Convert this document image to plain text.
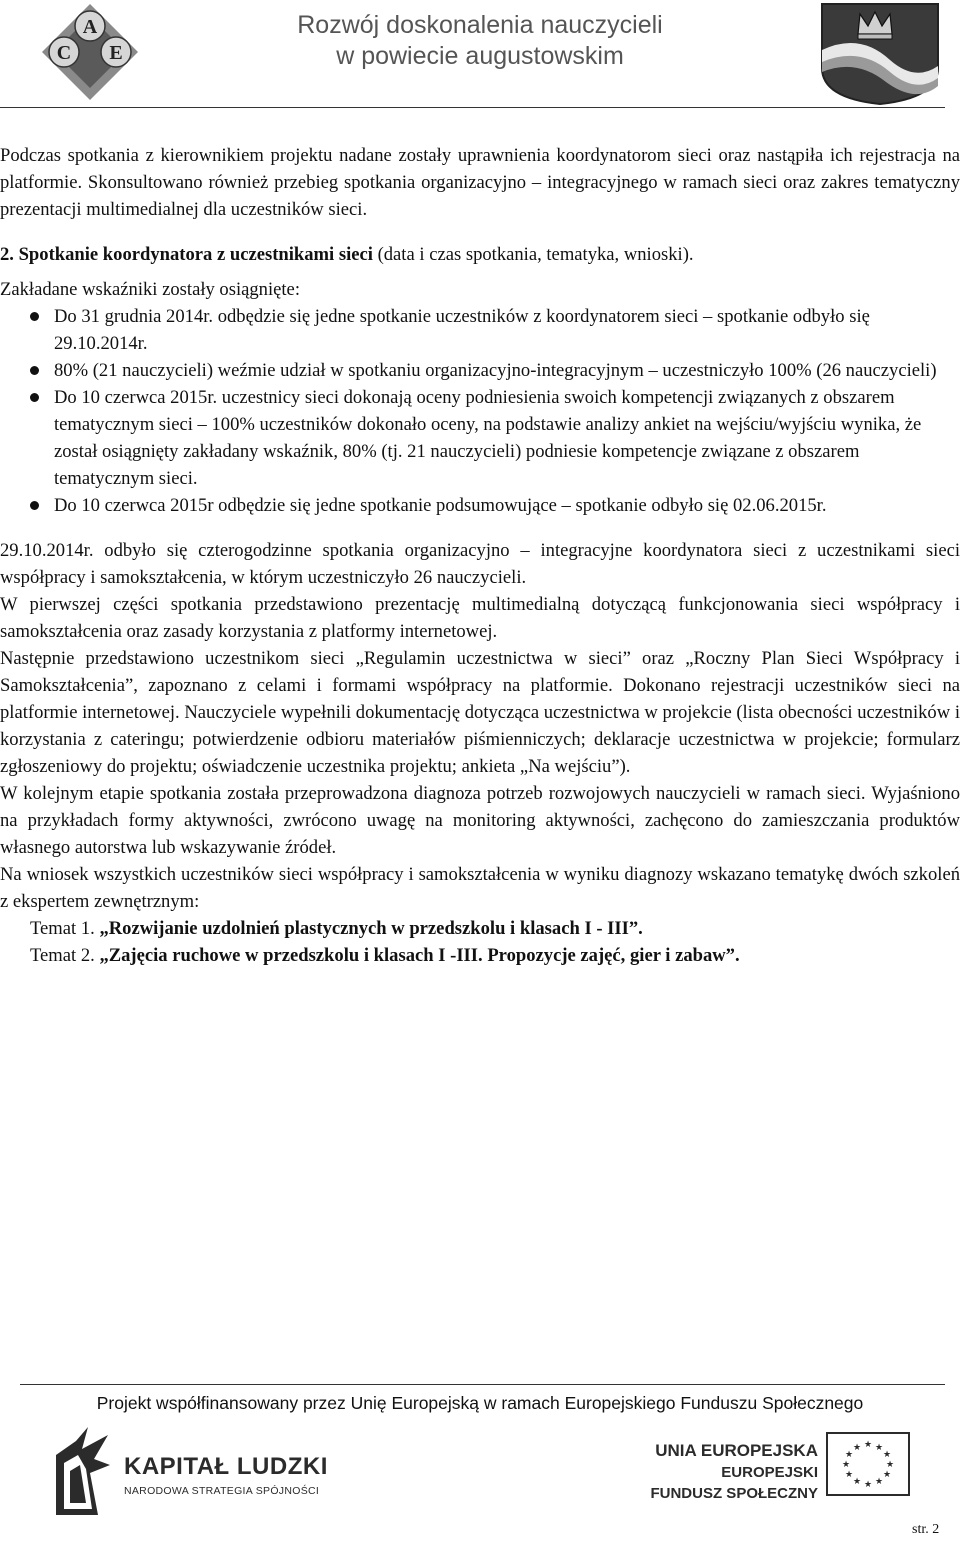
A
C E
Rozwój doskonalenia nauczycieli
w powiecie augustowskim

Podczas spotkania z kierownikiem projektu nadane zostały uprawnienia koordynatorom sieci oraz nastąpiła ich rejestracja na platformie. Skonsultowano również przebieg spotkania organizacyjno – integracyjnego w ramach sieci oraz zakres tematyczny prezentacji multimedialnej dla uczestników sieci.

2. Spotkanie koordynatora z uczestnikami sieci (data i czas spotkania, tematyka, wnioski).

Zakładane wskaźniki zostały osiągnięte:

Do 31 grudnia 2014r. odbędzie się jedne spotkanie uczestników z koordynatorem sieci – spotkanie odbyło się 29.10.2014r.
80% (21 nauczycieli) weźmie udział w spotkaniu organizacyjno-integracyjnym – uczestniczyło 100% (26 nauczycieli)
Do 10 czerwca 2015r. uczestnicy sieci dokonają oceny podniesienia swoich kompetencji związanych z obszarem tematycznym sieci – 100% uczestników dokonało oceny, na podstawie analizy ankiet na wejściu/wyjściu wynika, że został osiągnięty zakładany wskaźnik, 80% (tj. 21 nauczycieli) podniesie kompetencje związane z obszarem tematycznym sieci.
Do 10 czerwca 2015r odbędzie się jedne spotkanie podsumowujące – spotkanie odbyło się 02.06.2015r.

29.10.2014r. odbyło się czterogodzinne spotkania organizacyjno – integracyjne koordynatora sieci z uczestnikami sieci współpracy i samokształcenia, w którym uczestniczyło 26 nauczycieli.

W pierwszej części spotkania przedstawiono prezentację multimedialną dotyczącą funkcjonowania sieci współpracy i samokształcenia oraz zasady korzystania z platformy internetowej.

Następnie przedstawiono uczestnikom sieci „Regulamin uczestnictwa w sieci” oraz „Roczny Plan Sieci Współpracy i Samokształcenia”, zapoznano z celami i formami współpracy na platformie. Dokonano rejestracji uczestników sieci na platformie internetowej. Nauczyciele wypełnili dokumentację dotycząca uczestnictwa w projekcie (lista obecności uczestników i korzystania z cateringu; potwierdzenie odbioru materiałów piśmienniczych; deklaracje uczestnictwa w projekcie; formularz zgłoszeniowy do projektu; oświadczenie uczestnika projektu; ankieta „Na wejściu”).

W kolejnym etapie spotkania została przeprowadzona diagnoza potrzeb rozwojowych nauczycieli w ramach sieci. Wyjaśniono na przykładach formy aktywności, zwrócono uwagę na monitoring aktywności, zachęcono do zamieszczania produktów własnego autorstwa lub wskazywanie źródeł.

Na wniosek wszystkich uczestników sieci współpracy i samokształcenia w wyniku diagnozy wskazano tematykę dwóch szkoleń z ekspertem zewnętrznym:

Temat 1. „Rozwijanie uzdolnień plastycznych w przedszkolu i klasach I - III”.

Temat 2. „Zajęcia ruchowe w przedszkolu i klasach I -III. Propozycje zajęć, gier i zabaw”.

Projekt współfinansowany przez Unię Europejską w ramach Europejskiego Funduszu Społecznego
KAPITAŁ LUDZKI
NARODOWA STRATEGIA SPÓJNOŚCI
UNIA EUROPEJSKA
EUROPEJSKI
FUNDUSZ SPOŁECZNY
★ ★
★
★
★
★
★
★
★
★
★
★
str. 2
